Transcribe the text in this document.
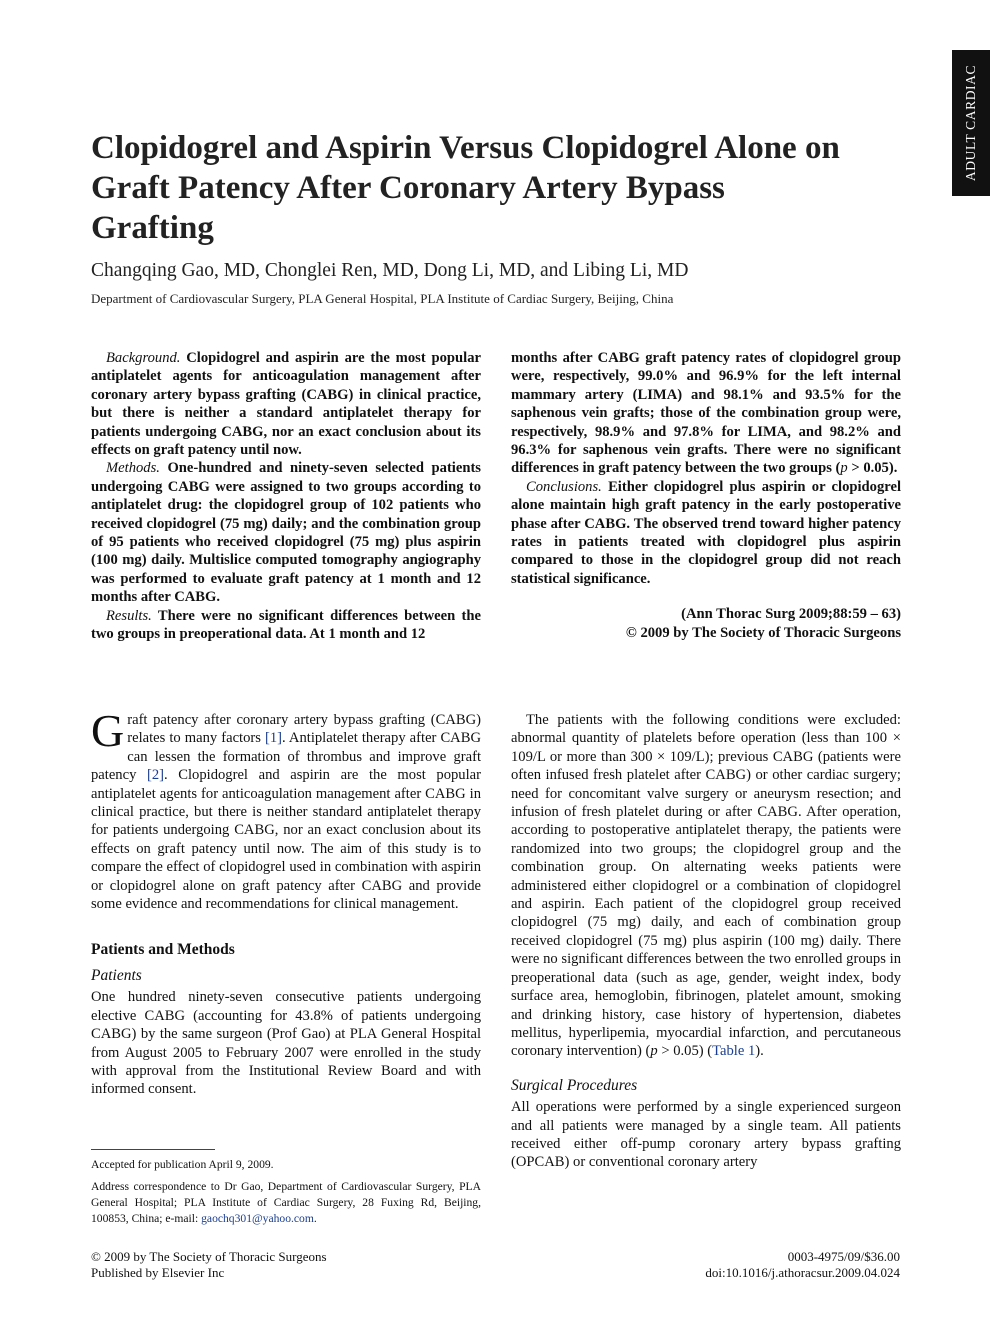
ADULT CARDIAC
Clopidogrel and Aspirin Versus Clopidogrel Alone on Graft Patency After Coronary Artery Bypass Grafting

Changqing Gao, MD, Chonglei Ren, MD, Dong Li, MD, and Libing Li, MD

Department of Cardiovascular Surgery, PLA General Hospital, PLA Institute of Cardiac Surgery, Beijing, China

Background. Clopidogrel and aspirin are the most popular antiplatelet agents for anticoagulation management after coronary artery bypass grafting (CABG) in clinical practice, but there is neither a standard antiplatelet therapy for patients undergoing CABG, nor an exact conclusion about its effects on graft patency until now.

Methods. One-hundred and ninety-seven selected patients undergoing CABG were assigned to two groups according to antiplatelet drug: the clopidogrel group of 102 patients who received clopidogrel (75 mg) daily; and the combination group of 95 patients who received clopidogrel (75 mg) plus aspirin (100 mg) daily. Multislice computed tomography angiography was performed to evaluate graft patency at 1 month and 12 months after CABG.

Results. There were no significant differences between the two groups in preoperational data. At 1 month and 12

months after CABG graft patency rates of clopidogrel group were, respectively, 99.0% and 96.9% for the left internal mammary artery (LIMA) and 98.1% and 93.5% for the saphenous vein grafts; those of the combination group were, respectively, 98.9% and 97.8% for LIMA, and 98.2% and 96.3% for saphenous vein grafts. There were no significant differences in graft patency between the two groups (p > 0.05).

Conclusions. Either clopidogrel plus aspirin or clopidogrel alone maintain high graft patency in the early postoperative phase after CABG. The observed trend toward higher patency rates in patients treated with clopidogrel plus aspirin compared to those in the clopidogrel group did not reach statistical significance.

(Ann Thorac Surg 2009;88:59 – 63)

© 2009 by The Society of Thoracic Surgeons

Graft patency after coronary artery bypass grafting (CABG) relates to many factors [1]. Antiplatelet therapy after CABG can lessen the formation of thrombus and improve graft patency [2]. Clopidogrel and aspirin are the most popular antiplatelet agents for anticoagulation management after CABG in clinical practice, but there is neither standard antiplatelet therapy for patients undergoing CABG, nor an exact conclusion about its effects on graft patency until now. The aim of this study is to compare the effect of clopidogrel used in combination with aspirin or clopidogrel alone on graft patency after CABG and provide some evidence and recommendations for clinical management.

Patients and Methods

Patients

One hundred ninety-seven consecutive patients undergoing elective CABG (accounting for 43.8% of patients undergoing CABG) by the same surgeon (Prof Gao) at PLA General Hospital from August 2005 to February 2007 were enrolled in the study with approval from the Institutional Review Board and with informed consent.

The patients with the following conditions were excluded: abnormal quantity of platelets before operation (less than 100 × 109/L or more than 300 × 109/L); previous CABG (patients were often infused fresh platelet after CABG) or other cardiac surgery; need for concomitant valve surgery or aneurysm resection; and infusion of fresh platelet during or after CABG. After operation, according to postoperative antiplatelet therapy, the patients were randomized into two groups; the clopidogrel group and the combination group. On alternating weeks patients were administered either clopidogrel or a combination of clopidogrel and aspirin. Each patient of the clopidogrel group received clopidogrel (75 mg) daily, and each of combination group received clopidogrel (75 mg) plus aspirin (100 mg) daily. There were no significant differences between the two enrolled groups in preoperational data (such as age, gender, weight index, body surface area, hemoglobin, fibrinogen, platelet amount, smoking and drinking history, case history of hypertension, diabetes mellitus, hyperlipemia, myocardial infarction, and percutaneous coronary intervention) (p > 0.05) (Table 1).

Surgical Procedures

All operations were performed by a single experienced surgeon and all patients were managed by a single team. All patients received either off-pump coronary artery bypass grafting (OPCAB) or conventional coronary artery

Accepted for publication April 9, 2009.

Address correspondence to Dr Gao, Department of Cardiovascular Surgery, PLA General Hospital; PLA Institute of Cardiac Surgery, 28 Fuxing Rd, Beijing, 100853, China; e-mail: gaochq301@yahoo.com.

© 2009 by The Society of Thoracic Surgeons
Published by Elsevier Inc
0003-4975/09/$36.00
doi:10.1016/j.athoracsur.2009.04.024
